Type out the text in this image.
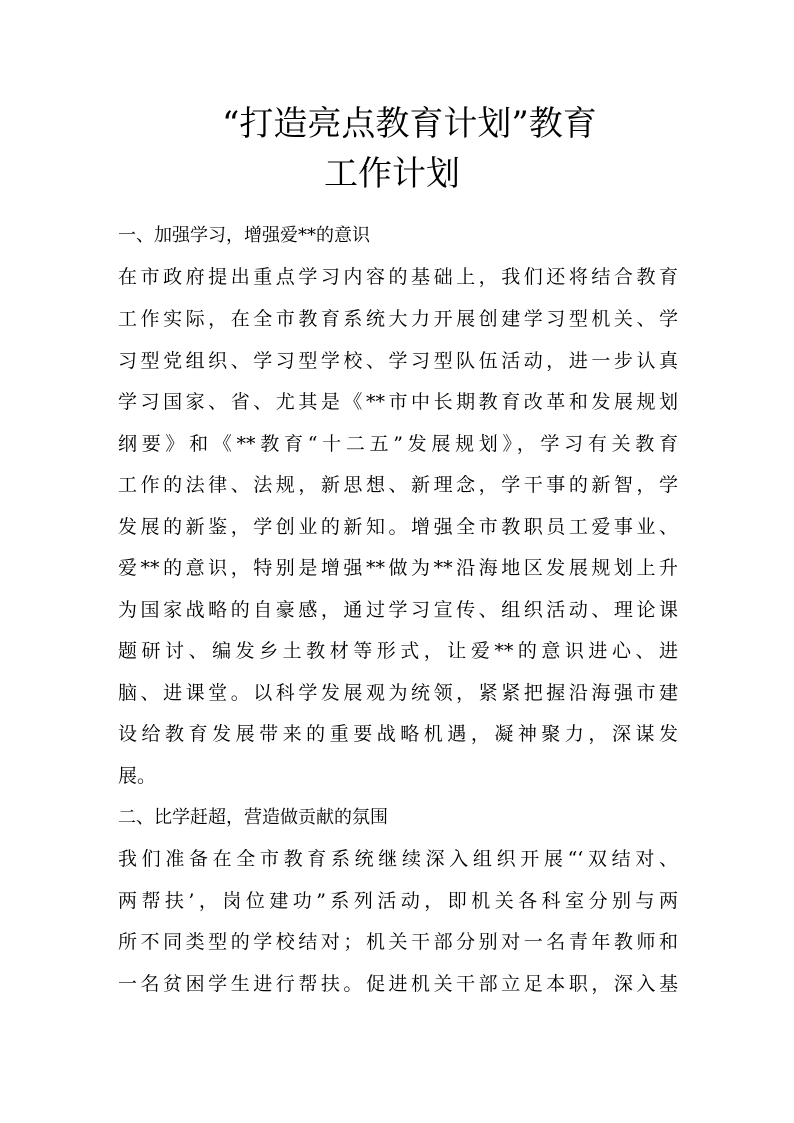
“打造亮点教育计划”教育
工作计划
一、加强学习，增强爱**的意识
在市政府提出重点学习内容的基础上，我们还将结合教育
工作实际，在全市教育系统大力开展创建学习型机关、学
习型党组织、学习型学校、学习型队伍活动，进一步认真
学习国家、省、尤其是《**市中长期教育改革和发展规划
纲要》和《**教育“十二五”发展规划》，学习有关教育
工作的法律、法规，新思想、新理念，学干事的新智，学
发展的新鉴，学创业的新知。增强全市教职员工爱事业、
爱**的意识，特别是增强**做为**沿海地区发展规划上升
为国家战略的自豪感，通过学习宣传、组织活动、理论课
题研讨、编发乡土教材等形式，让爱**的意识进心、进
脑、进课堂。以科学发展观为统领，紧紧把握沿海强市建
设给教育发展带来的重要战略机遇，凝神聚力，深谋发
展。
二、比学赶超，营造做贡献的氛围
我们准备在全市教育系统继续深入组织开展“‘双结对、
两帮扶’，岗位建功”系列活动，即机关各科室分别与两
所不同类型的学校结对；机关干部分别对一名青年教师和
一名贫困学生进行帮扶。促进机关干部立足本职，深入基
